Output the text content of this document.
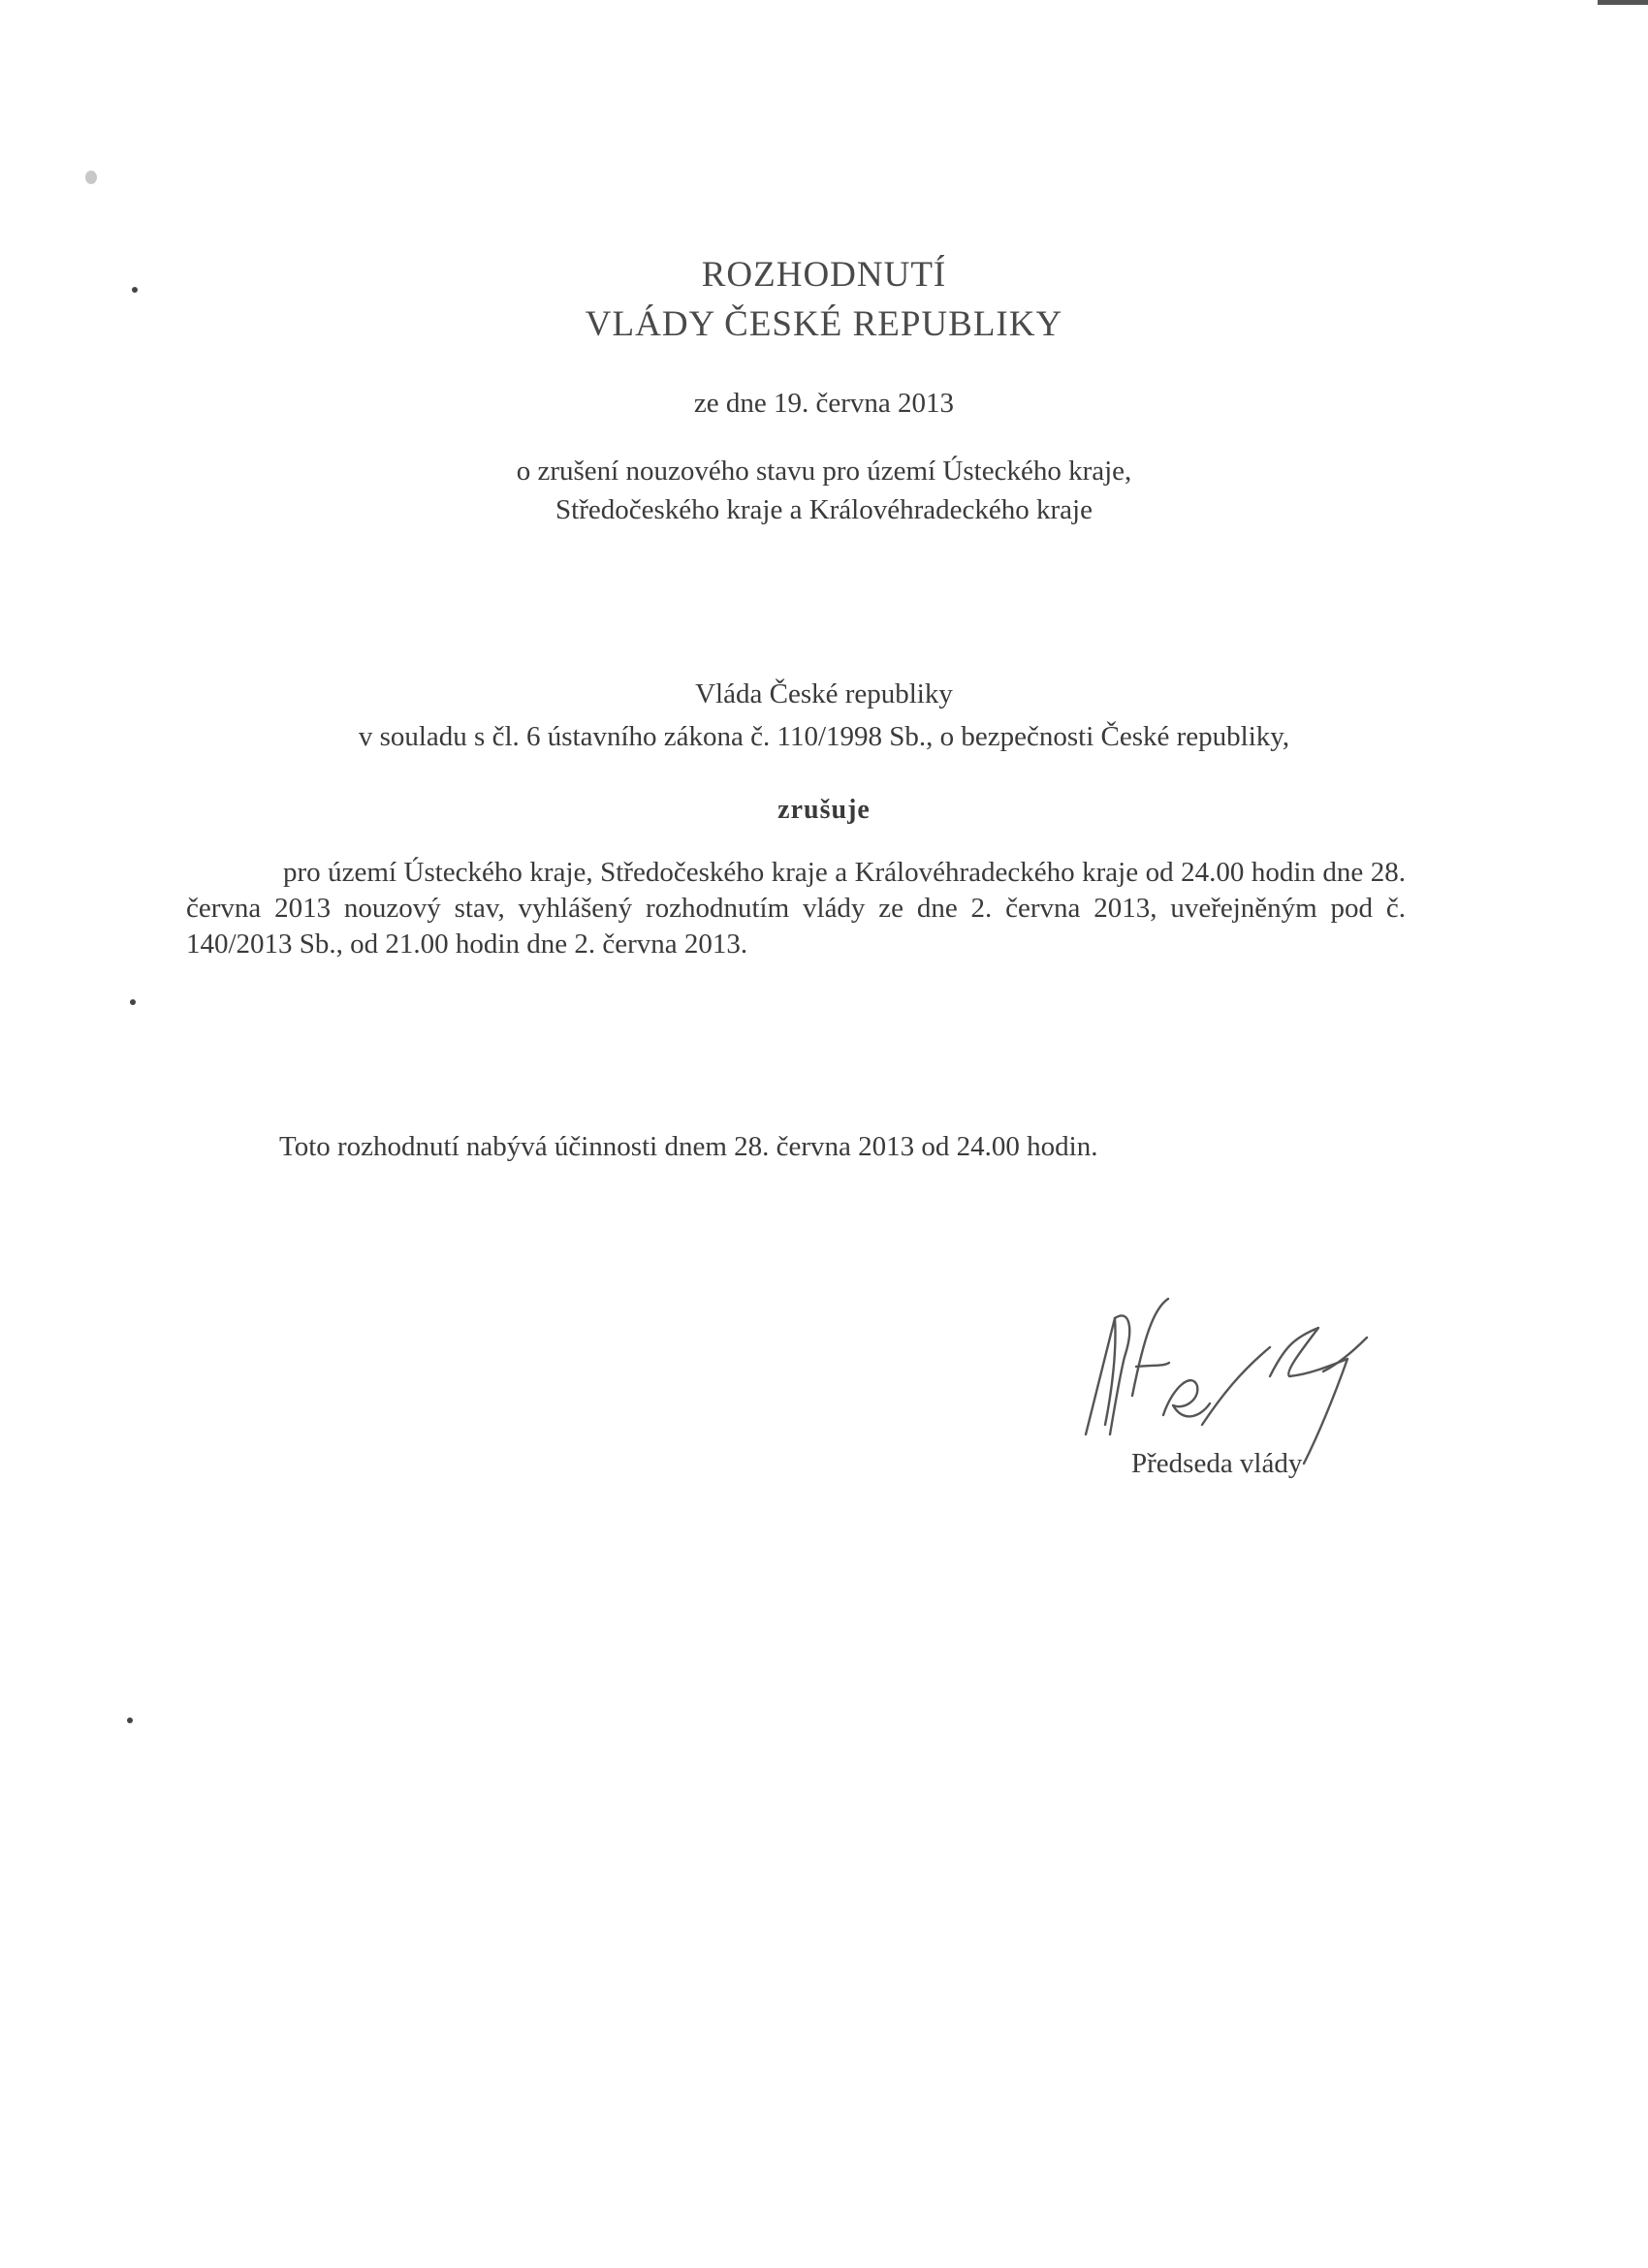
ROZHODNUTÍ
VLÁDY ČESKÉ REPUBLIKY
ze dne 19. června 2013
o zrušení nouzového stavu pro území Ústeckého kraje,
Středočeského kraje a Královéhradeckého kraje
Vláda České republiky
v souladu s čl. 6 ústavního zákona č. 110/1998 Sb., o bezpečnosti České republiky,
zrušuje
pro území Ústeckého kraje, Středočeského kraje a Královéhradeckého kraje od 24.00 hodin dne 28. června 2013 nouzový stav, vyhlášený rozhodnutím vlády ze dne 2. června 2013, uveřejněným pod č. 140/2013 Sb., od 21.00 hodin dne 2. června 2013.
Toto rozhodnutí nabývá účinnosti dnem 28. června 2013 od 24.00 hodin.
Předseda vlády
